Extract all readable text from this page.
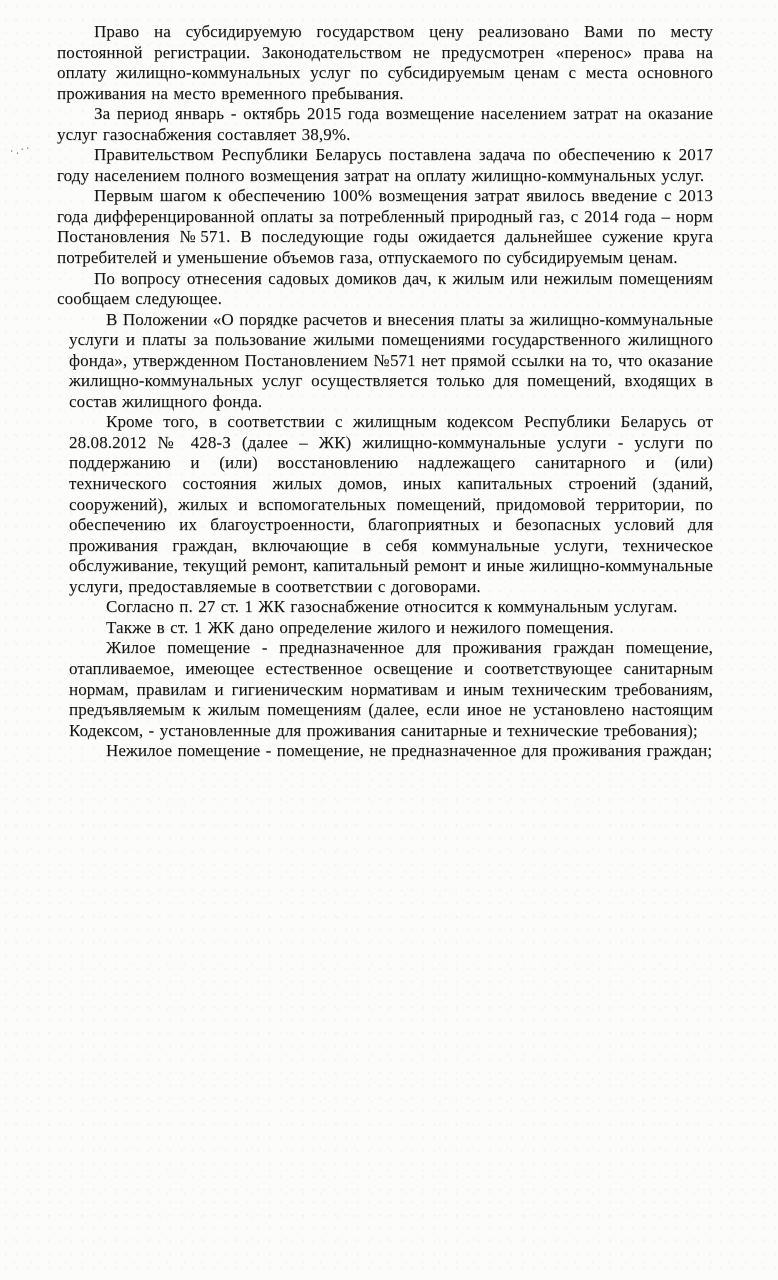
·.··

Право на субсидируемую государством цену реализовано Вами по месту постоянной регистрации. Законодательством не предусмотрен «перенос» права на оплату жилищно-коммунальных услуг по субсидируемым ценам с места основного проживания на место временного пребывания.

За период январь - октябрь 2015 года возмещение населением затрат на оказание услуг газоснабжения составляет 38,9%.

Правительством Республики Беларусь поставлена задача по обеспечению к 2017 году населением полного возмещения затрат на оплату жилищно-коммунальных услуг.

Первым шагом к обеспечению 100% возмещения затрат явилось введение с 2013 года дифференцированной оплаты за потребленный природный газ, с 2014 года – норм Постановления №571. В последующие годы ожидается дальнейшее сужение круга потребителей и уменьшение объемов газа, отпускаемого по субсидируемым ценам.

По вопросу отнесения садовых домиков дач, к жилым или нежилым помещениям сообщаем следующее.

В Положении «О порядке расчетов и внесения платы за жилищно-коммунальные услуги и платы за пользование жилыми помещениями государственного жилищного фонда», утвержденном Постановлением №571 нет прямой ссылки на то, что оказание жилищно-коммунальных услуг осуществляется только для помещений, входящих в состав жилищного фонда.

Кроме того, в соответствии с жилищным кодексом Республики Беларусь от 28.08.2012 № 428-З (далее – ЖК) жилищно-коммунальные услуги - услуги по поддержанию и (или) восстановлению надлежащего санитарного и (или) технического состояния жилых домов, иных капитальных строений (зданий, сооружений), жилых и вспомогательных помещений, придомовой территории, по обеспечению их благоустроенности, благоприятных и безопасных условий для проживания граждан, включающие в себя коммунальные услуги, техническое обслуживание, текущий ремонт, капитальный ремонт и иные жилищно-коммунальные услуги, предоставляемые в соответствии с договорами.

Согласно п. 27 ст. 1 ЖК газоснабжение относится к коммунальным услугам.

Также в ст. 1 ЖК дано определение жилого и нежилого помещения.

Жилое помещение - предназначенное для проживания граждан помещение, отапливаемое, имеющее естественное освещение и соответствующее санитарным нормам, правилам и гигиеническим нормативам и иным техническим требованиям, предъявляемым к жилым помещениям (далее, если иное не установлено настоящим Кодексом, - установленные для проживания санитарные и технические требования);

Нежилое помещение - помещение, не предназначенное для проживания граждан;
